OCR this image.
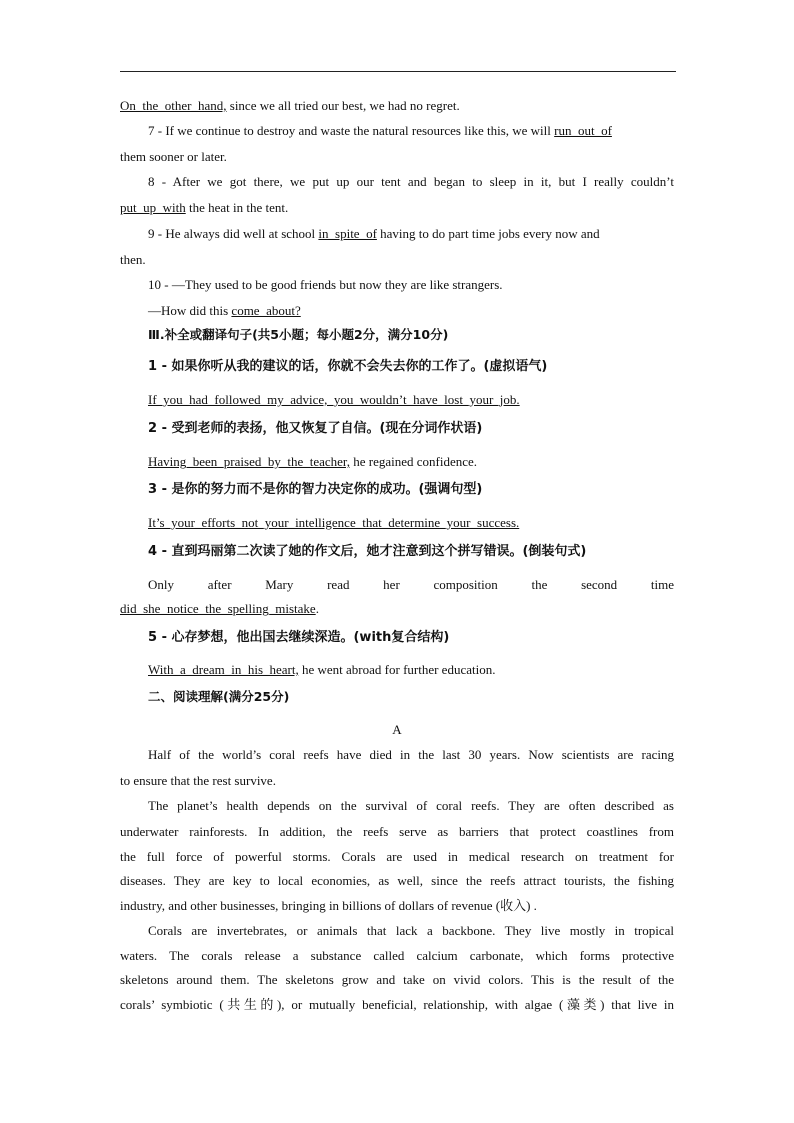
On_the_other_hand, since we all tried our best, we had no regret.
7 - If we continue to destroy and waste the natural resources like this, we will run_out_of
them sooner or later.
8 - After we got there, we put up our tent and began to sleep in it, but I really couldn’t
put_up_with the heat in the tent.
9 - He always did well at school in_spite_of having to do part time jobs every now and
then.
10 - —They used to be good friends but now they are like strangers.
—How did this come_about?
Ⅲ.补全或翻译句子(共5小题；每小题2分，满分10分)
1 - 如果你听从我的建议的话，你就不会失去你的工作了。(虚拟语气)
If_you_had_followed_my_advice,_you_wouldn’t_have_lost_your_job.
2 - 受到老师的表扬，他又恢复了自信。(现在分词作状语)
Having_been_praised_by_the_teacher, he regained confidence.
3 - 是你的努力而不是你的智力决定你的成功。(强调句型)
It’s_your_efforts_not_your_intelligence_that_determine_your_success.
4 - 直到玛丽第二次读了她的作文后，她才注意到这个拼写错误。(倒装句式)
Only after Mary read her composition the second time
did_she_notice_the_spelling_mistake.
5 - 心存梦想，他出国去继续深造。(with复合结构)
With_a_dream_in_his_heart, he went abroad for further education.
二、阅读理解(满分25分)
A
Half of the world’s coral reefs have died in the last 30 years. Now scientists are racing
to ensure that the rest survive.
The planet’s health depends on the survival of coral reefs. They are often described as
underwater rainforests. In addition, the reefs serve as barriers that protect coastlines from
the full force of powerful storms. Corals are used in medical research on treatment for
diseases. They are key to local economies, as well, since the reefs attract tourists, the fishing
industry, and other businesses, bringing in billions of dollars of revenue (收入) .
Corals are invertebrates, or animals that lack a backbone. They live mostly in tropical
waters. The corals release a substance called calcium carbonate, which forms protective
skeletons around them. The skeletons grow and take on vivid colors. This is the result of the
corals’ symbiotic (共生的), or mutually beneficial, relationship, with algae (藻类) that live in
